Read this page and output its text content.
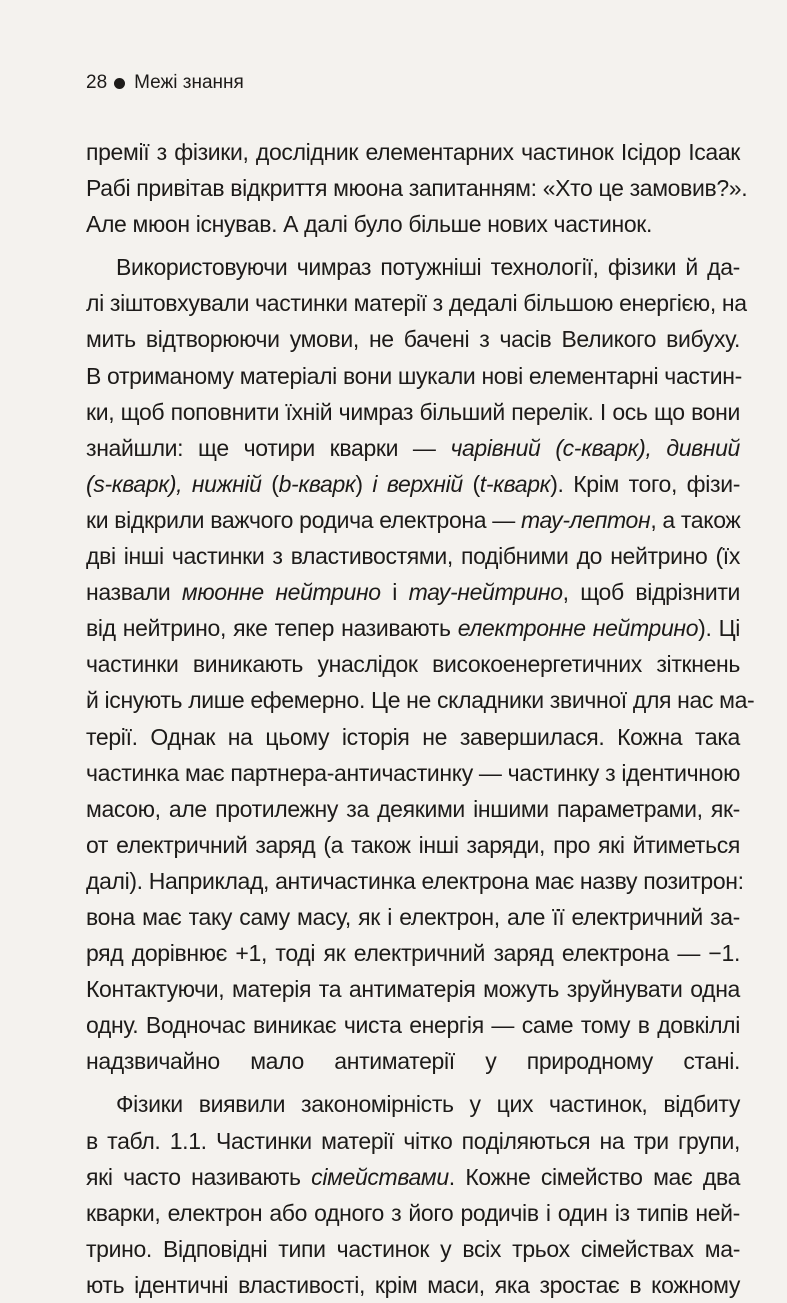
28 Межі знання
премії з фізики, дослідник елементарних частинок Ісідор Ісаак
Рабі привітав відкриття мюона запитанням: «Хто це замовив?».
Але мюон існував. А далі було більше нових частинок.
Використовуючи чимраз потужніші технології, фізики й да-
лі зіштовхували частинки матерії з дедалі більшою енергією, на
мить відтворюючи умови, не бачені з часів Великого вибуху.
В отриманому матеріалі вони шукали нові елементарні частин-
ки, щоб поповнити їхній чимраз більший перелік. І ось що вони
знайшли: ще чотири кварки — чарівний (c-кварк), дивний
(s-кварк), нижній (b-кварк) і верхній (t-кварк). Крім того, фізи-
ки відкрили важчого родича електрона — тау-лептон, а також
дві інші частинки з властивостями, подібними до нейтрино (їх
назвали мюонне нейтрино і тау-нейтрино, щоб відрізнити
від нейтрино, яке тепер називають електронне нейтрино). Ці
частинки виникають унаслідок високоенергетичних зіткнень
й існують лише ефемерно. Це не складники звичної для нас ма-
терії. Однак на цьому історія не завершилася. Кожна така
частинка має партнера-античастинку — частинку з ідентичною
масою, але протилежну за деякими іншими параметрами, як-
от електричний заряд (а також інші заряди, про які йтиметься
далі). Наприклад, античастинка електрона має назву позитрон:
вона має таку саму масу, як і електрон, але її електричний за-
ряд дорівнює +1, тоді як електричний заряд електрона — −1.
Контактуючи, матерія та антиматерія можуть зруйнувати одна
одну. Водночас виникає чиста енергія — саме тому в довкіллі
надзвичайно мало антиматерії у природному стані.
Фізики виявили закономірність у цих частинок, відбиту
в табл. 1.1. Частинки матерії чітко поділяються на три групи,
які часто називають сімействами. Кожне сімейство має два
кварки, електрон або одного з його родичів і один із типів ней-
трино. Відповідні типи частинок у всіх трьох сімействах ма-
ють ідентичні властивості, крім маси, яка зростає в кожному
